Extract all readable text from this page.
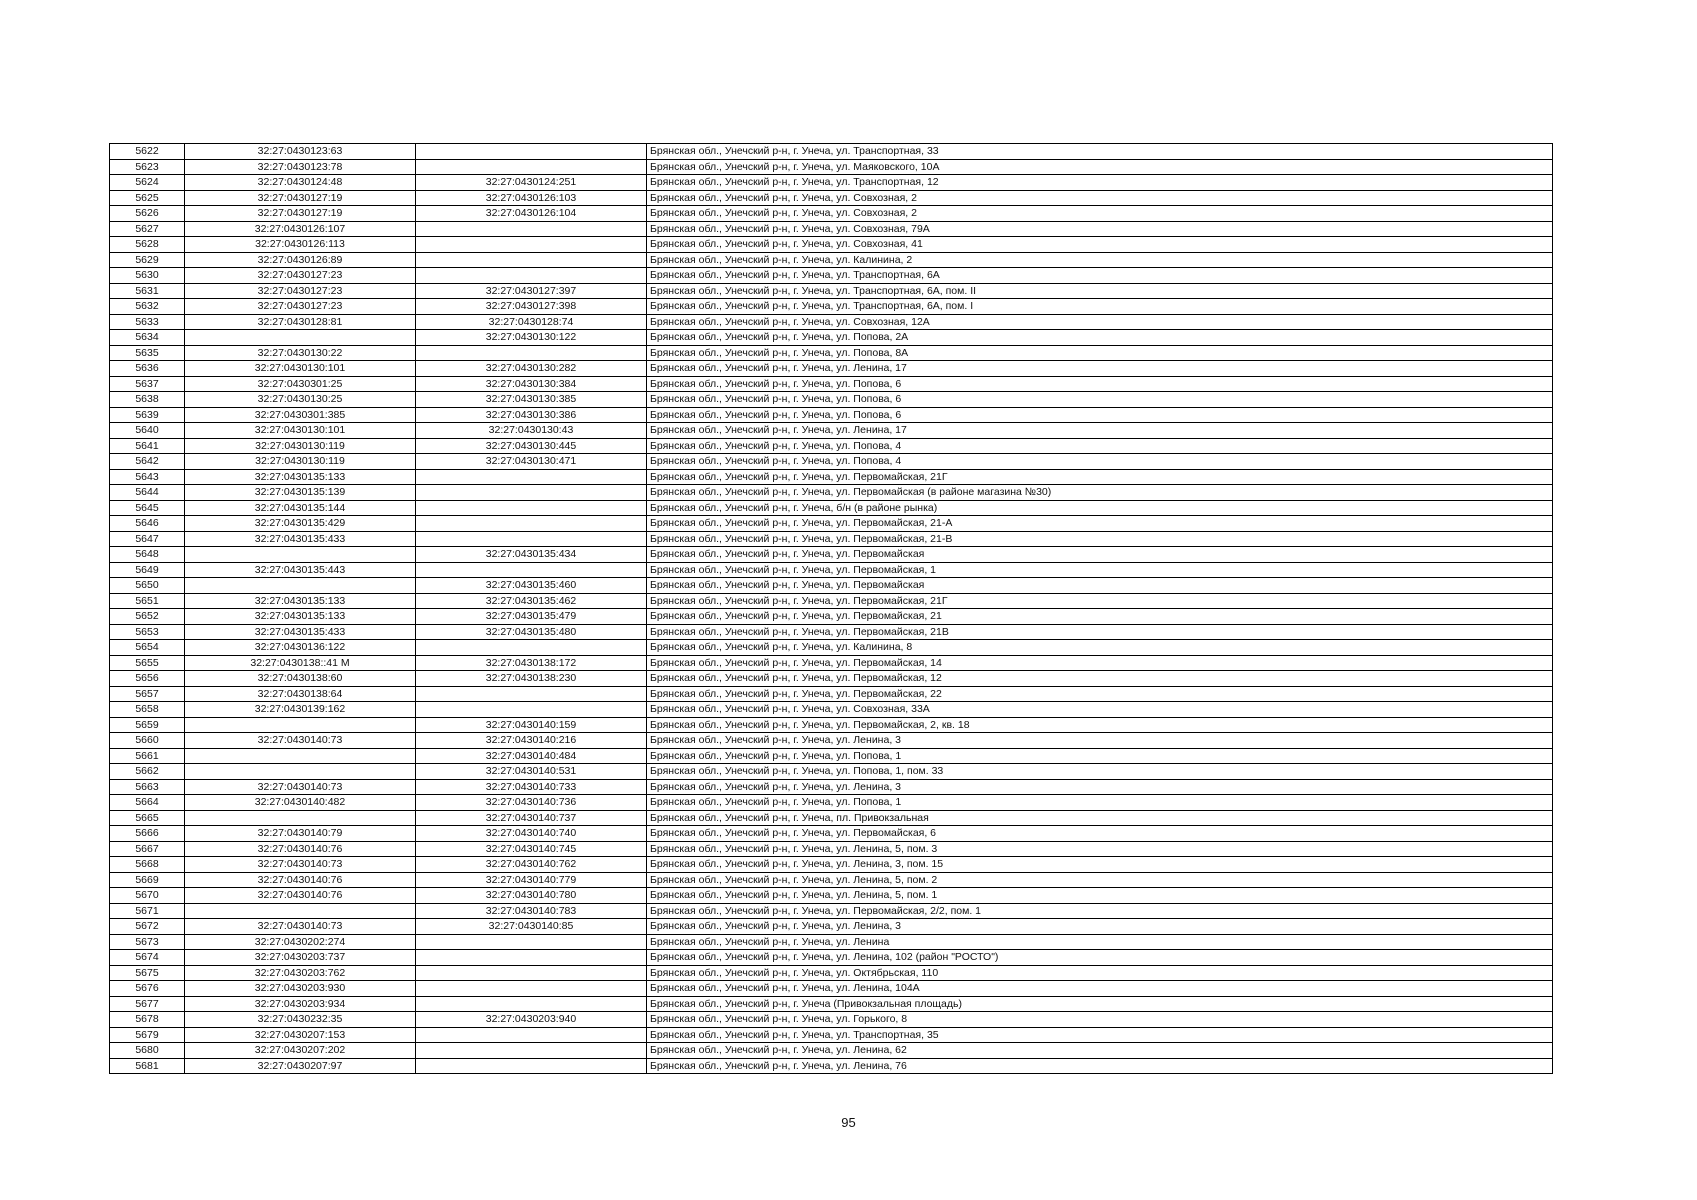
5622	32:27:0430123:63		Брянская обл., Унечский р-н, г. Унеча, ул. Транспортная, 33
5623	32:27:0430123:78		Брянская обл., Унечский р-н, г. Унеча, ул. Маяковского, 10А
5624	32:27:0430124:48	32:27:0430124:251	Брянская обл., Унечский р-н, г. Унеча, ул. Транспортная, 12
5625	32:27:0430127:19	32:27:0430126:103	Брянская обл., Унечский р-н, г. Унеча, ул. Совхозная, 2
5626	32:27:0430127:19	32:27:0430126:104	Брянская обл., Унечский р-н, г. Унеча, ул. Совхозная, 2
5627	32:27:0430126:107		Брянская обл., Унечский р-н, г. Унеча, ул. Совхозная, 79А
5628	32:27:0430126:113		Брянская обл., Унечский р-н, г. Унеча, ул. Совхозная, 41
5629	32:27:0430126:89		Брянская обл., Унечский р-н, г. Унеча, ул. Калинина, 2
5630	32:27:0430127:23		Брянская обл., Унечский р-н, г. Унеча, ул. Транспортная, 6А
5631	32:27:0430127:23	32:27:0430127:397	Брянская обл., Унечский р-н, г. Унеча, ул. Транспортная, 6А, пом. II
5632	32:27:0430127:23	32:27:0430127:398	Брянская обл., Унечский р-н, г. Унеча, ул. Транспортная, 6А, пом. I
5633	32:27:0430128:81	32:27:0430128:74	Брянская обл., Унечский р-н, г. Унеча, ул. Совхозная, 12А
5634		32:27:0430130:122	Брянская обл., Унечский р-н, г. Унеча, ул. Попова, 2А
5635	32:27:0430130:22		Брянская обл., Унечский р-н, г. Унеча, ул. Попова, 8А
5636	32:27:0430130:101	32:27:0430130:282	Брянская обл., Унечский р-н, г. Унеча, ул. Ленина, 17
5637	32:27:0430301:25	32:27:0430130:384	Брянская обл., Унечский р-н, г. Унеча, ул. Попова, 6
5638	32:27:0430130:25	32:27:0430130:385	Брянская обл., Унечский р-н, г. Унеча, ул. Попова, 6
5639	32:27:0430301:385	32:27:0430130:386	Брянская обл., Унечский р-н, г. Унеча, ул. Попова, 6
5640	32:27:0430130:101	32:27:0430130:43	Брянская обл., Унечский р-н, г. Унеча, ул. Ленина, 17
5641	32:27:0430130:119	32:27:0430130:445	Брянская обл., Унечский р-н, г. Унеча, ул. Попова, 4
5642	32:27:0430130:119	32:27:0430130:471	Брянская обл., Унечский р-н, г. Унеча, ул. Попова, 4
5643	32:27:0430135:133		Брянская обл., Унечский р-н, г. Унеча, ул. Первомайская, 21Г
5644	32:27:0430135:139		Брянская обл., Унечский р-н, г. Унеча, ул. Первомайская (в районе магазина №30)
5645	32:27:0430135:144		Брянская обл., Унечский р-н, г. Унеча, б/н (в районе рынка)
5646	32:27:0430135:429		Брянская обл., Унечский р-н, г. Унеча, ул. Первомайская, 21-А
5647	32:27:0430135:433		Брянская обл., Унечский р-н, г. Унеча, ул. Первомайская, 21-В
5648		32:27:0430135:434	Брянская обл., Унечский р-н, г. Унеча, ул. Первомайская
5649	32:27:0430135:443		Брянская обл., Унечский р-н, г. Унеча, ул. Первомайская, 1
5650		32:27:0430135:460	Брянская обл., Унечский р-н, г. Унеча, ул. Первомайская
5651	32:27:0430135:133	32:27:0430135:462	Брянская обл., Унечский р-н, г. Унеча, ул. Первомайская, 21Г
5652	32:27:0430135:133	32:27:0430135:479	Брянская обл., Унечский р-н, г. Унеча, ул. Первомайская, 21
5653	32:27:0430135:433	32:27:0430135:480	Брянская обл., Унечский р-н, г. Унеча, ул. Первомайская, 21В
5654	32:27:0430136:122		Брянская обл., Унечский р-н, г. Унеча, ул. Калинина, 8
5655	32:27:0430138::41 M	32:27:0430138:172	Брянская обл., Унечский р-н, г. Унеча, ул. Первомайская, 14
5656	32:27:0430138:60	32:27:0430138:230	Брянская обл., Унечский р-н, г. Унеча, ул. Первомайская, 12
5657	32:27:0430138:64		Брянская обл., Унечский р-н, г. Унеча, ул. Первомайская, 22
5658	32:27:0430139:162		Брянская обл., Унечский р-н, г. Унеча, ул. Совхозная, 33А
5659		32:27:0430140:159	Брянская обл., Унечский р-н, г. Унеча, ул. Первомайская, 2, кв. 18
5660	32:27:0430140:73	32:27:0430140:216	Брянская обл., Унечский р-н, г. Унеча, ул. Ленина, 3
5661		32:27:0430140:484	Брянская обл., Унечский р-н, г. Унеча, ул. Попова, 1
5662		32:27:0430140:531	Брянская обл., Унечский р-н, г. Унеча, ул. Попова, 1, пом. 33
5663	32:27:0430140:73	32:27:0430140:733	Брянская обл., Унечский р-н, г. Унеча, ул. Ленина, 3
5664	32:27:0430140:482	32:27:0430140:736	Брянская обл., Унечский р-н, г. Унеча, ул. Попова, 1
5665		32:27:0430140:737	Брянская обл., Унечский р-н, г. Унеча, пл. Привокзальная
5666	32:27:0430140:79	32:27:0430140:740	Брянская обл., Унечский р-н, г. Унеча, ул. Первомайская, 6
5667	32:27:0430140:76	32:27:0430140:745	Брянская обл., Унечский р-н, г. Унеча, ул. Ленина, 5, пом. 3
5668	32:27:0430140:73	32:27:0430140:762	Брянская обл., Унечский р-н, г. Унеча, ул. Ленина, 3, пом. 15
5669	32:27:0430140:76	32:27:0430140:779	Брянская обл., Унечский р-н, г. Унеча, ул. Ленина, 5, пом. 2
5670	32:27:0430140:76	32:27:0430140:780	Брянская обл., Унечский р-н, г. Унеча, ул. Ленина, 5, пом. 1
5671		32:27:0430140:783	Брянская обл., Унечский р-н, г. Унеча, ул. Первомайская, 2/2, пом. 1
5672	32:27:0430140:73	32:27:0430140:85	Брянская обл., Унечский р-н, г. Унеча, ул. Ленина, 3
5673	32:27:0430202:274		Брянская обл., Унечский р-н, г. Унеча, ул. Ленина
5674	32:27:0430203:737		Брянская обл., Унечский р-н, г. Унеча, ул. Ленина, 102 (район "РОСТО")
5675	32:27:0430203:762		Брянская обл., Унечский р-н, г. Унеча, ул. Октябрьская, 110
5676	32:27:0430203:930		Брянская обл., Унечский р-н, г. Унеча, ул. Ленина, 104А
5677	32:27:0430203:934		Брянская обл., Унечский р-н, г. Унеча (Привокзальная площадь)
5678	32:27:0430232:35	32:27:0430203:940	Брянская обл., Унечский р-н, г. Унеча, ул. Горького, 8
5679	32:27:0430207:153		Брянская обл., Унечский р-н, г. Унеча, ул. Транспортная, 35
5680	32:27:0430207:202		Брянская обл., Унечский р-н, г. Унеча, ул. Ленина, 62
5681	32:27:0430207:97		Брянская обл., Унечский р-н, г. Унеча, ул. Ленина, 76
95
